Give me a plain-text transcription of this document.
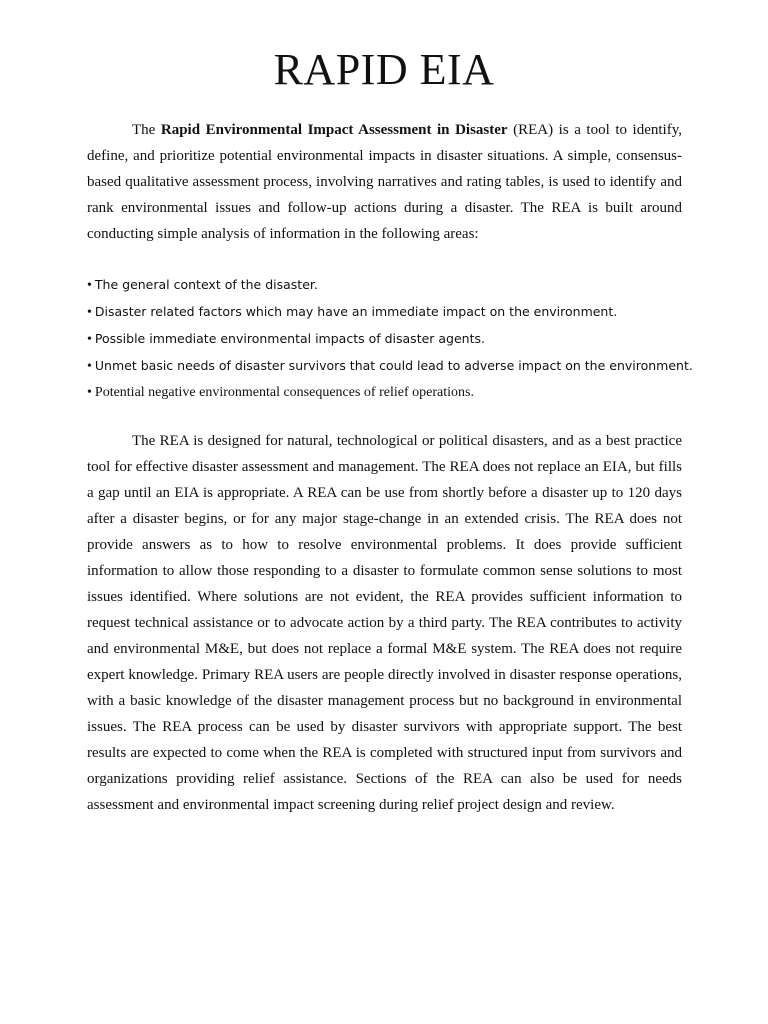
RAPID EIA

The Rapid Environmental Impact Assessment in Disaster (REA) is a tool to identify, define, and prioritize potential environmental impacts in disaster situations. A simple, consensus-based qualitative assessment process, involving narratives and rating tables, is used to identify and rank environmental issues and follow-up actions during a disaster. The REA is built around conducting simple analysis of information in the following areas:

• The general context of the disaster.
• Disaster related factors which may have an immediate impact on the environment.
• Possible immediate environmental impacts of disaster agents.
• Unmet basic needs of disaster survivors that could lead to adverse impact on the environment.
• Potential negative environmental consequences of relief operations.

The REA is designed for natural, technological or political disasters, and as a best practice tool for effective disaster assessment and management. The REA does not replace an EIA, but fills a gap until an EIA is appropriate. A REA can be use from shortly before a disaster up to 120 days after a disaster begins, or for any major stage-change in an extended crisis. The REA does not provide answers as to how to resolve environmental problems. It does provide sufficient information to allow those responding to a disaster to formulate common sense solutions to most issues identified. Where solutions are not evident, the REA provides sufficient information to request technical assistance or to advocate action by a third party. The REA contributes to activity and environmental M&E, but does not replace a formal M&E system. The REA does not require expert knowledge. Primary REA users are people directly involved in disaster response operations, with a basic knowledge of the disaster management process but no background in environmental issues. The REA process can be used by disaster survivors with appropriate support. The best results are expected to come when the REA is completed with structured input from survivors and organizations providing relief assistance. Sections of the REA can also be used for needs assessment and environmental impact screening during relief project design and review.
